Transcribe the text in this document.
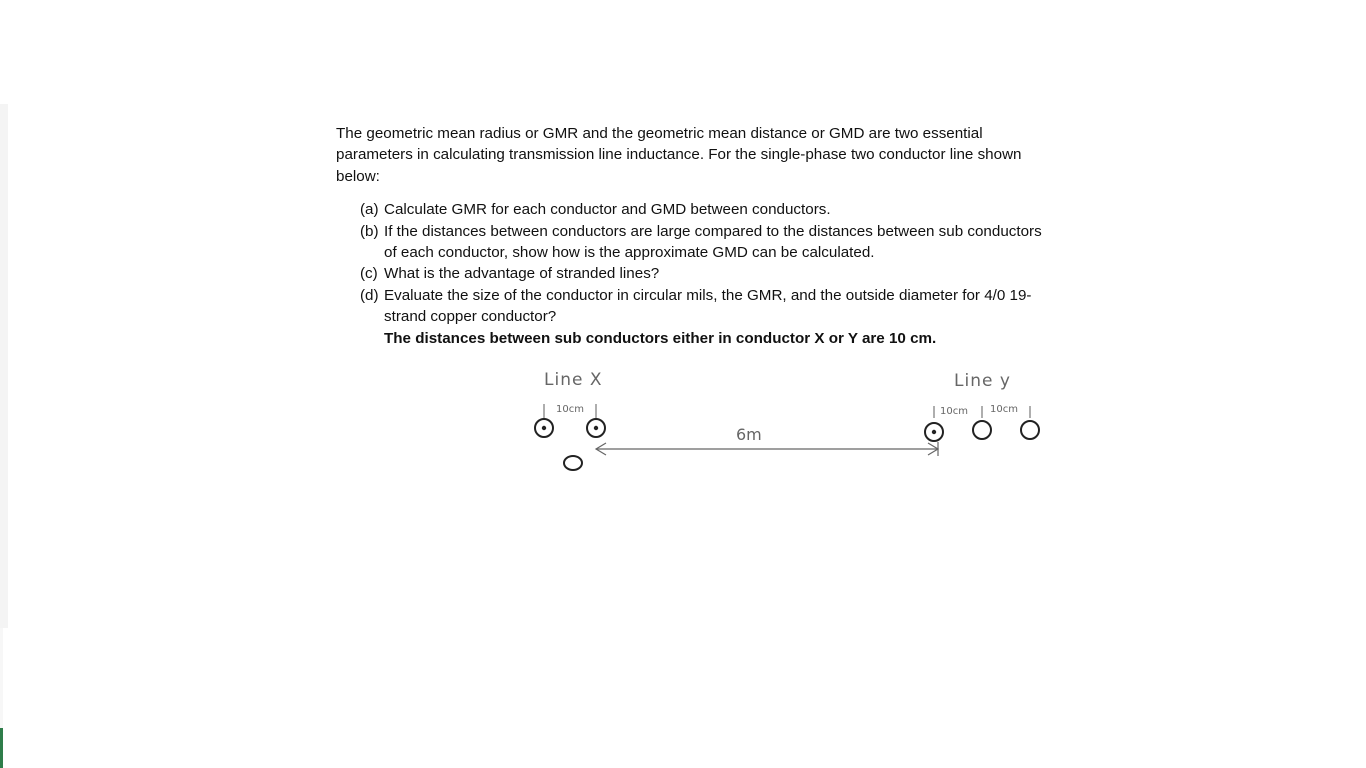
The geometric mean radius or GMR and the geometric mean distance or GMD are two essential parameters in calculating transmission line inductance. For the single-phase two conductor line shown below:

(a) Calculate GMR for each conductor and GMD between conductors.
(b) If the distances between conductors are large compared to the distances between sub conductors of each conductor, show how is the approximate GMD can be calculated.
(c) What is the advantage of stranded lines?
(d) Evaluate the size of the conductor in circular mils, the GMR, and the outside diameter for 4/0 19-strand copper conductor?

The distances between sub conductors either in conductor X or Y are 10 cm.

Line X	Line y
10cm	10cm 10cm
6m
